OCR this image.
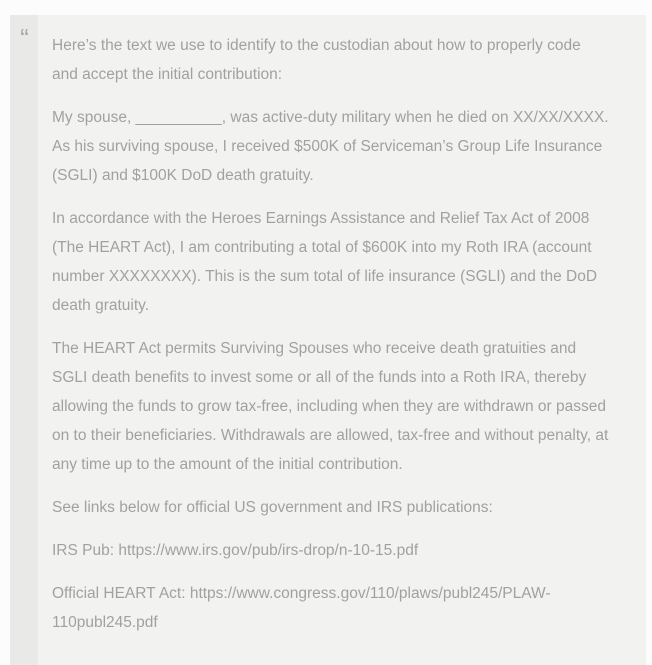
“	Here’s the text we use to identify to the custodian about how to properly code and accept the initial contribution:

My spouse, __________, was active-duty military when he died on XX/XX/XXXX. As his surviving spouse, I received $500K of Serviceman’s Group Life Insurance (SGLI) and $100K DoD death gratuity.

In accordance with the Heroes Earnings Assistance and Relief Tax Act of 2008 (The HEART Act), I am contributing a total of $600K into my Roth IRA (account number XXXXXXXX). This is the sum total of life insurance (SGLI) and the DoD death gratuity.

The HEART Act permits Surviving Spouses who receive death gratuities and SGLI death benefits to invest some or all of the funds into a Roth IRA, thereby allowing the funds to grow tax-free, including when they are withdrawn or passed on to their beneficiaries. Withdrawals are allowed, tax-free and without penalty, at any time up to the amount of the initial contribution.

See links below for official US government and IRS publications:

IRS Pub: https://www.irs.gov/pub/irs-drop/n-10-15.pdf

Official HEART Act: https://www.congress.gov/110/plaws/publ245/PLAW-110publ245.pdf
